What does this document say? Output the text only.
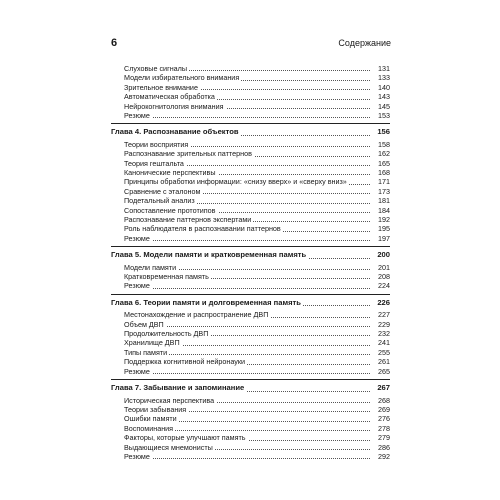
6	Содержание
Слуховые сигналы	131
Модели избирательного внимания	133
Зрительное внимание	140
Автоматическая обработка	143
Нейрокогнитология внимания	145
Резюме	153
Глава 4. Распознавание объектов	156
Теории восприятия	158
Распознавание зрительных паттернов	162
Теория гештальта	165
Канонические перспективы	168
Принципы обработки информации: «снизу вверх» и «сверху вниз»	171
Сравнение с эталоном	173
Подетальный анализ	181
Сопоставление прототипов	184
Распознавание паттернов экспертами	192
Роль наблюдателя в распознавании паттернов	195
Резюме	197
Глава 5. Модели памяти и кратковременная память	200
Модели памяти	201
Кратковременная память	208
Резюме	224
Глава 6. Теории памяти и долговременная память	226
Местонахождение и распространение ДВП	227
Объем ДВП	229
Продолжительность ДВП	232
Хранилище ДВП	241
Типы памяти	255
Поддержка когнитивной нейронауки	261
Резюме	265
Глава 7. Забывание и запоминание	267
Историческая перспектива	268
Теории забывания	269
Ошибки памяти	276
Воспоминания	278
Факторы, которые улучшают память	279
Выдающиеся мнемонисты	286
Резюме	292
